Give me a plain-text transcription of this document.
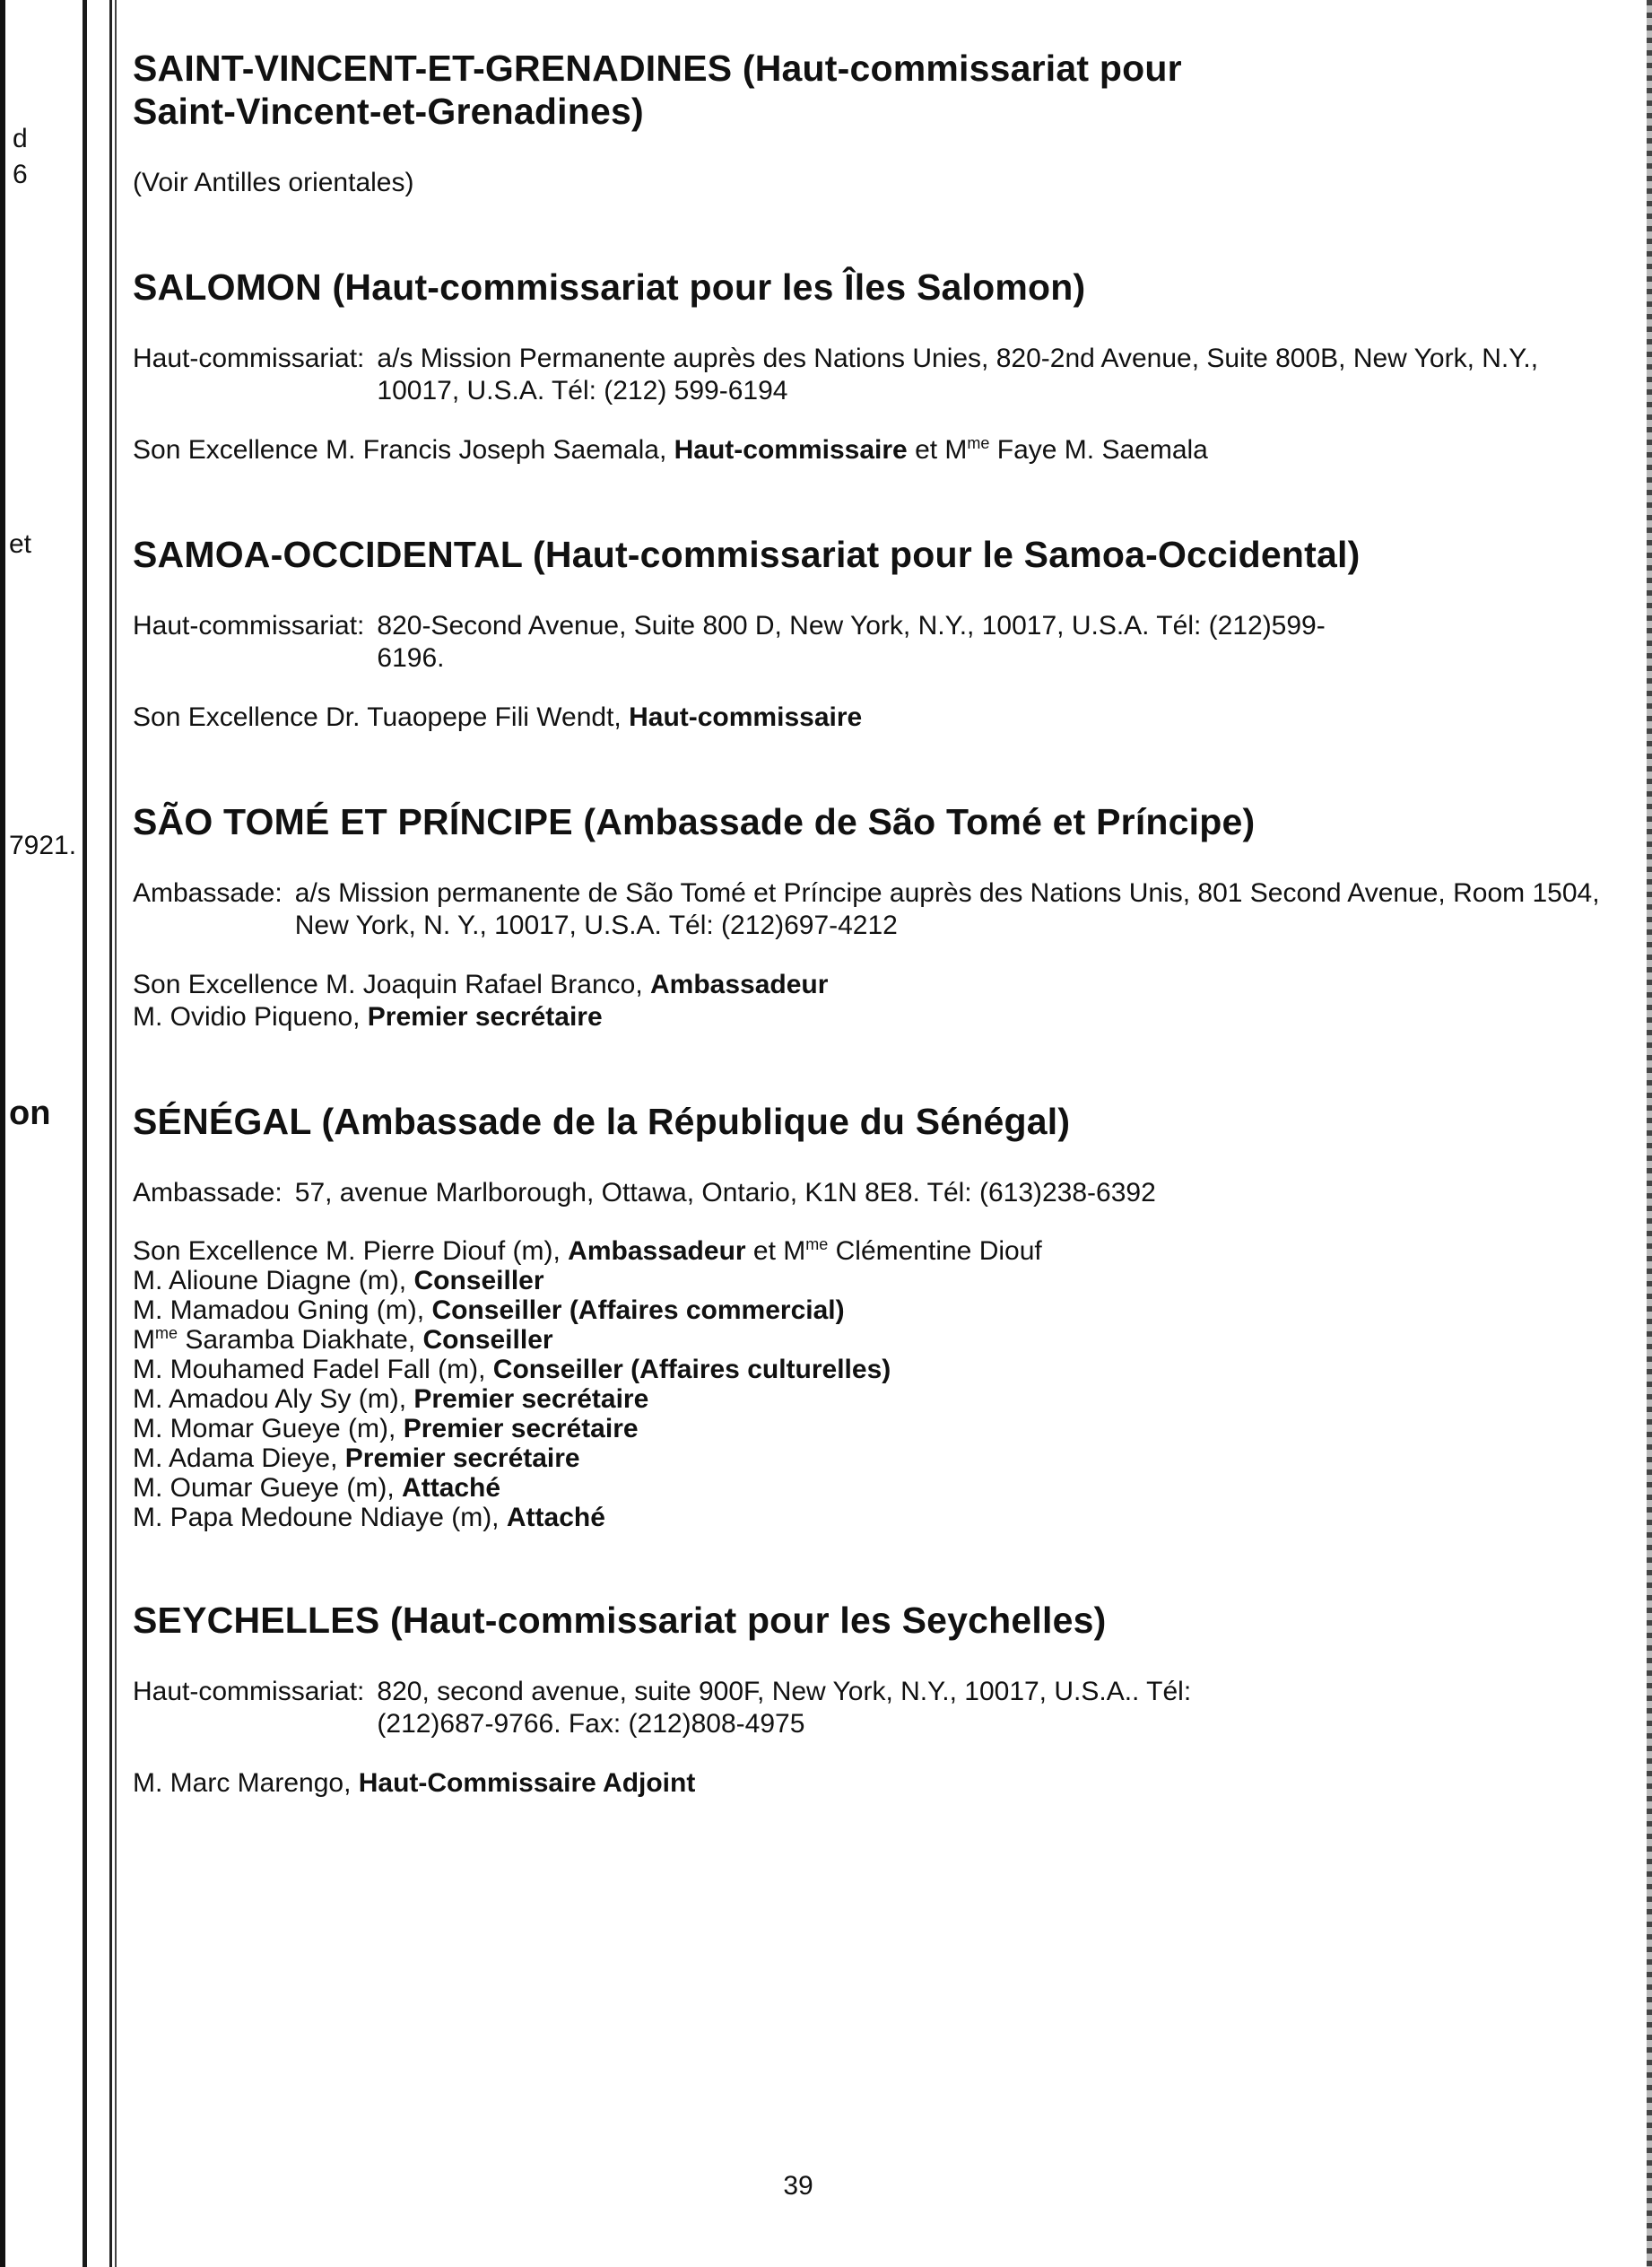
d
6
et
7921.
on
SAINT-VINCENT-ET-GRENADINES (Haut-commissariat pour Saint-Vincent-et-Grenadines)

(Voir Antilles orientales)

SALOMON (Haut-commissariat pour les Îles Salomon)
Haut-commissariat: a/s Mission Permanente auprès des Nations Unies, 820-2nd Avenue, Suite 800B, New York, N.Y., 10017, U.S.A. Tél: (212) 599-6194

Son Excellence M. Francis Joseph Saemala, Haut-commissaire et $M^{me}$ Faye M. Saemala

SAMOA-OCCIDENTAL (Haut-commissariat pour le Samoa-Occidental)
Haut-commissariat: 820-Second Avenue, Suite 800 D, New York, N.Y., 10017, U.S.A. Tél: (212)599-6196.

Son Excellence Dr. Tuaopepe Fili Wendt, Haut-commissaire

SÃO TOMÉ ET PRÍNCIPE (Ambassade de São Tomé et Príncipe)
Ambassade: a/s Mission permanente de São Tomé et Príncipe auprès des Nations Unis, 801 Second Avenue, Room 1504, New York, N. Y., 10017, U.S.A. Tél: (212)697-4212

Son Excellence M. Joaquin Rafael Branco, Ambassadeur

M. Ovidio Piqueno, Premier secrétaire

SÉNÉGAL (Ambassade de la République du Sénégal)
Ambassade: 57, avenue Marlborough, Ottawa, Ontario, K1N 8E8. Tél: (613)238-6392

Son Excellence M. Pierre Diouf (m), Ambassadeur et $M^{me}$ Clémentine Diouf

M. Alioune Diagne (m), Conseiller

M. Mamadou Gning (m), Conseiller (Affaires commercial)

$M^{me}$ Saramba Diakhate, Conseiller

M. Mouhamed Fadel Fall (m), Conseiller (Affaires culturelles)

M. Amadou Aly Sy (m), Premier secrétaire

M. Momar Gueye (m), Premier secrétaire

M. Adama Dieye, Premier secrétaire

M. Oumar Gueye (m), Attaché

M. Papa Medoune Ndiaye (m), Attaché

SEYCHELLES (Haut-commissariat pour les Seychelles)
Haut-commissariat: 820, second avenue, suite 900F, New York, N.Y., 10017, U.S.A.. Tél: (212)687-9766. Fax: (212)808-4975

M. Marc Marengo, Haut-Commissaire Adjoint

39
